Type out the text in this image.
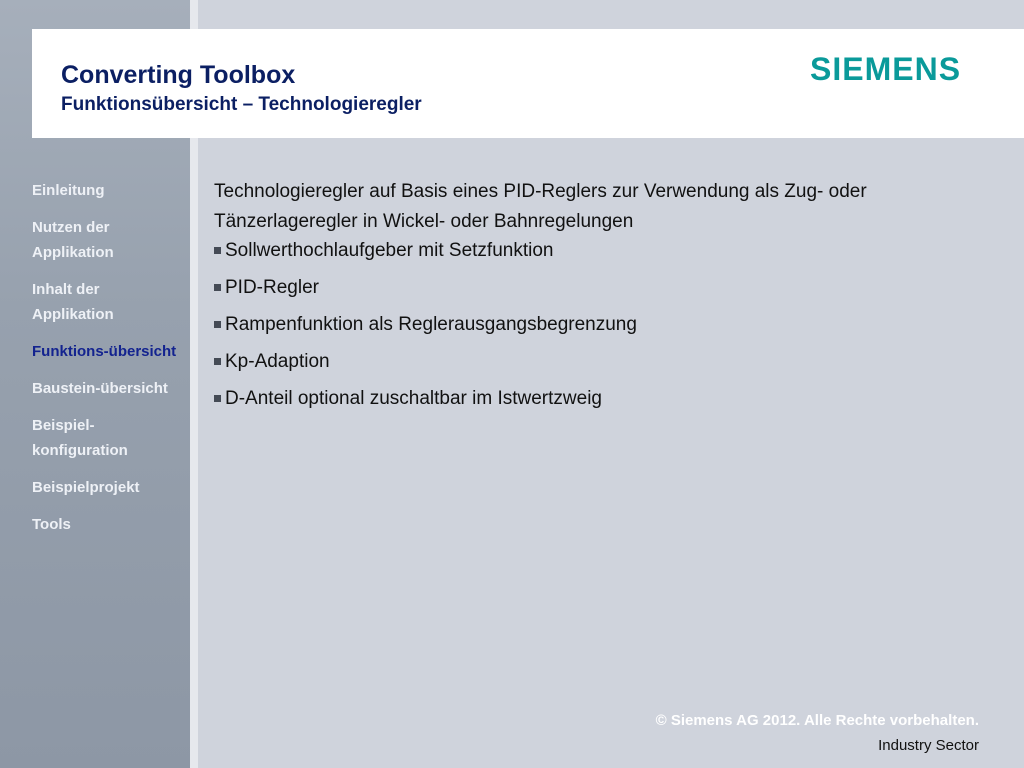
Converting Toolbox
Funktionsübersicht – Technologieregler
SIEMENS
Einleitung
Nutzen der Applikation
Inhalt der Applikation
Funktions-übersicht
Baustein-übersicht
Beispiel-konfiguration
Beispielprojekt
Tools

Technologieregler auf Basis eines PID-Reglers zur Verwendung als Zug- oder Tänzerlageregler in Wickel- oder Bahnregelungen

Sollwerthochlaufgeber mit Setzfunktion
PID-Regler
Rampenfunktion als Reglerausgangsbegrenzung
Kp-Adaption
D-Anteil optional zuschaltbar im Istwertzweig
© Siemens AG 2012. Alle Rechte vorbehalten.
Industry Sector
